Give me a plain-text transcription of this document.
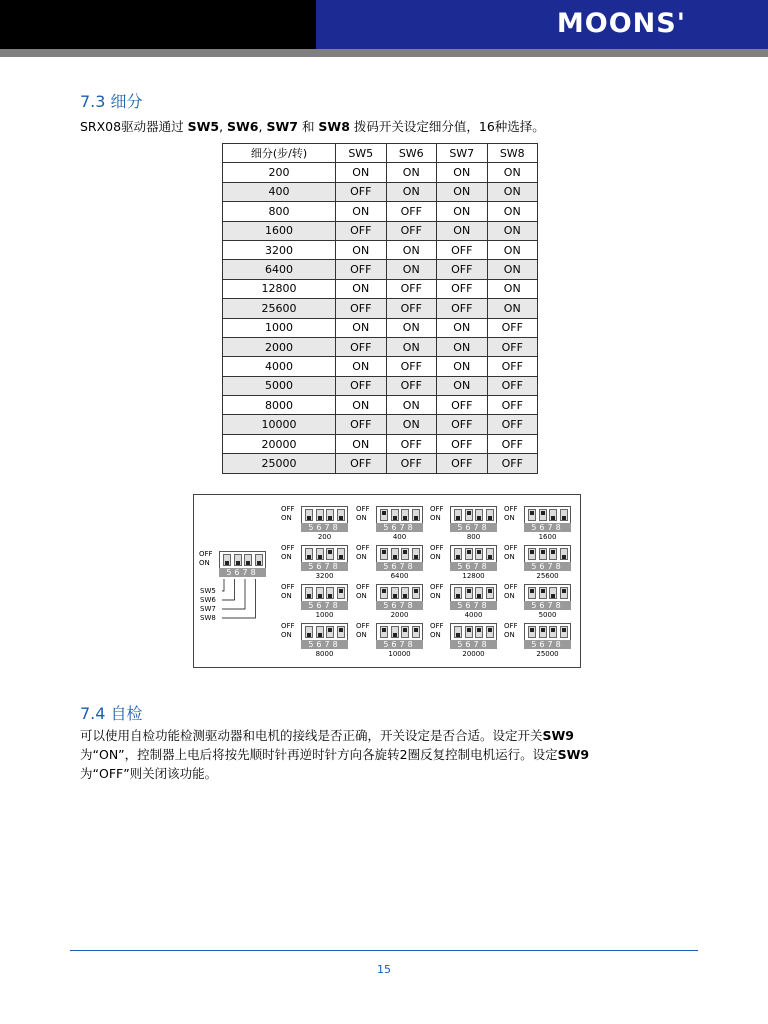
MOONS'
7.3 细分
SRX08驱动器通过 SW5, SW6, SW7 和 SW8 拨码开关设定细分值，16种选择。
细分(步/转)	SW5	SW6	SW7	SW8
200	ON	ON	ON	ON
400	OFF	ON	ON	ON
800	ON	OFF	ON	ON
1600	OFF	OFF	ON	ON
3200	ON	ON	OFF	ON
6400	OFF	ON	OFF	ON
12800	ON	OFF	OFF	ON
25600	OFF	OFF	OFF	ON
1000	ON	ON	ON	OFF
2000	OFF	ON	ON	OFF
4000	ON	OFF	ON	OFF
5000	OFF	OFF	ON	OFF
8000	ON	ON	OFF	OFF
10000	OFF	ON	OFF	OFF
20000	ON	OFF	OFF	OFF
25000	OFF	OFF	OFF	OFF
OFF
ON
5678
200
OFF
ON
5678
400
OFF
ON
5678
800
OFF
ON
5678
1600
OFF
ON
5678
3200
OFF
ON
5678
6400
OFF
ON
5678
12800
OFF
ON
5678
25600
OFF
ON
5678
1000
OFF
ON
5678
2000
OFF
ON
5678
4000
OFF
ON
5678
5000
OFF
ON
5678
8000
OFF
ON
5678
10000
OFF
ON
5678
20000
OFF
ON
5678
25000
OFF
ON
5678
SW5
SW6
SW7
SW8
7.4 自检
可以使用自检功能检测驱动器和电机的接线是否正确，开关设定是否合适。设定开关SW9
为“ON”，控制器上电后将按先顺时针再逆时针方向各旋转2圈反复控制电机运行。设定SW9
为“OFF”则关闭该功能。
15
